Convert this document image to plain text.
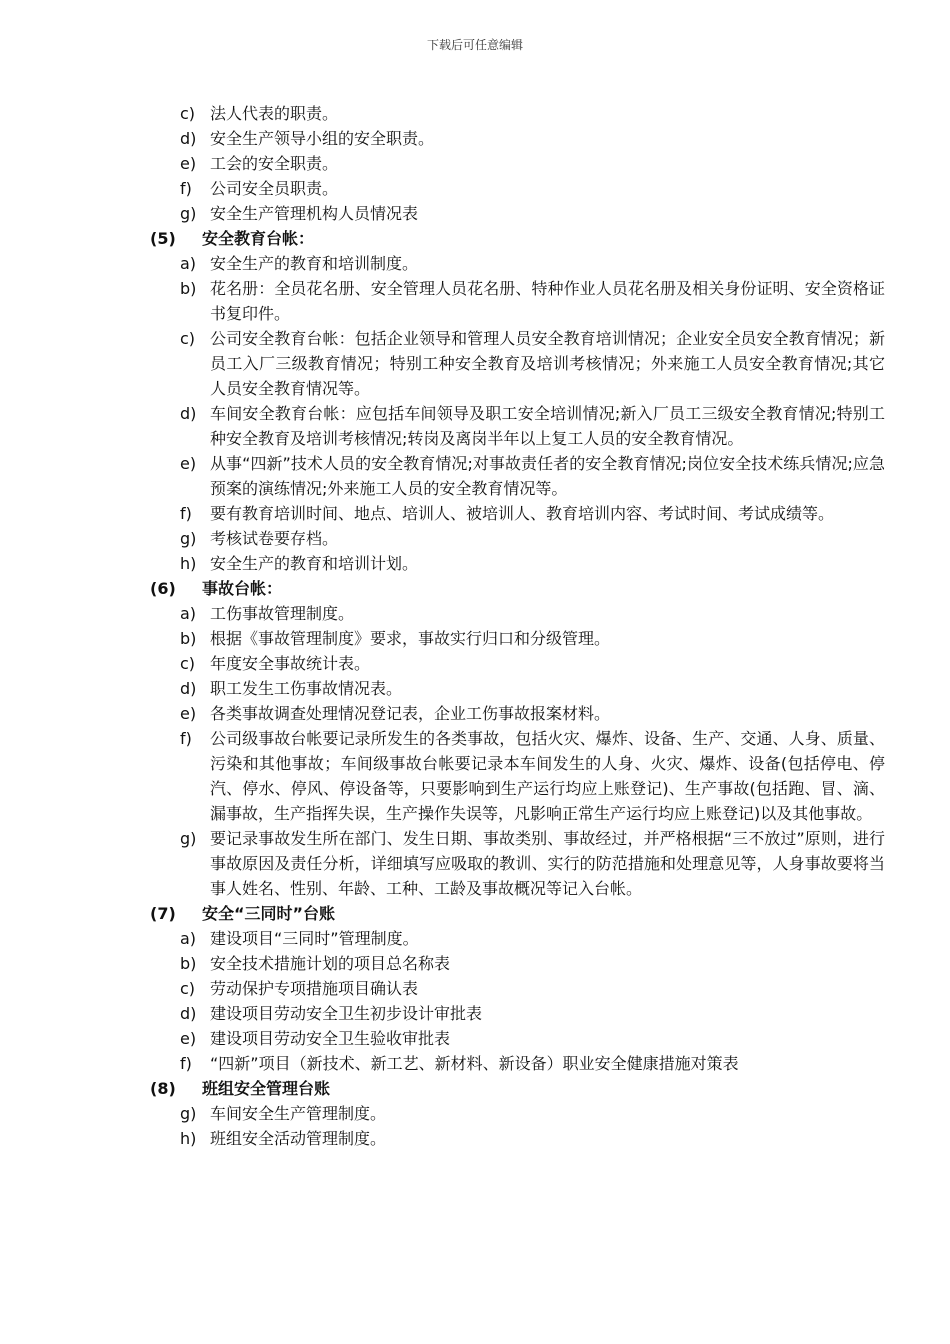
下载后可任意编辑
c) 法人代表的职责。
d) 安全生产领导小组的安全职责。
e) 工会的安全职责。
f)	公司安全员职责。
g) 安全生产管理机构人员情况表
(5)	安全教育台帐：
a) 安全生产的教育和培训制度。
b) 花名册：全员花名册、安全管理人员花名册、特种作业人员花名册及相关身份证明、安全资格证书复印件。
c) 公司安全教育台帐：包括企业领导和管理人员安全教育培训情况；企业安全员安全教育情况；新员工入厂三级教育情况；特别工种安全教育及培训考核情况；外来施工人员安全教育情况;其它人员安全教育情况等。
d) 车间安全教育台帐：应包括车间领导及职工安全培训情况;新入厂员工三级安全教育情况;特别工种安全教育及培训考核情况;转岗及离岗半年以上复工人员的安全教育情况。
e) 从事“四新”技术人员的安全教育情况;对事故责任者的安全教育情况;岗位安全技术练兵情况;应急预案的演练情况;外来施工人员的安全教育情况等。
f)	要有教育培训时间、地点、培训人、被培训人、教育培训内容、考试时间、考试成绩等。
g) 考核试卷要存档。
h) 安全生产的教育和培训计划。
(6)	事故台帐：
a) 工伤事故管理制度。
b) 根据《事故管理制度》要求，事故实行归口和分级管理。
c) 年度安全事故统计表。
d) 职工发生工伤事故情况表。
e) 各类事故调查处理情况登记表，企业工伤事故报案材料。
f)	公司级事故台帐要记录所发生的各类事故，包括火灾、爆炸、设备、生产、交通、人身、质量、污染和其他事故；车间级事故台帐要记录本车间发生的人身、火灾、爆炸、设备(包括停电、停汽、停水、停风、停设备等，只要影响到生产运行均应上账登记)、生产事故(包括跑、冒、滴、漏事故，生产指挥失误，生产操作失误等，凡影响正常生产运行均应上账登记)以及其他事故。
g) 要记录事故发生所在部门、发生日期、事故类别、事故经过，并严格根据“三不放过”原则，进行事故原因及责任分析，详细填写应吸取的教训、实行的防范措施和处理意见等，人身事故要将当事人姓名、性别、年龄、工种、工龄及事故概况等记入台帐。
(7)	安全“三同时”台账
a) 建设项目“三同时”管理制度。
b) 安全技术措施计划的项目总名称表
c) 劳动保护专项措施项目确认表
d) 建设项目劳动安全卫生初步设计审批表
e) 建设项目劳动安全卫生验收审批表
f)	“四新”项目（新技术、新工艺、新材料、新设备）职业安全健康措施对策表
(8)	班组安全管理台账
g) 车间安全生产管理制度。
h) 班组安全活动管理制度。
